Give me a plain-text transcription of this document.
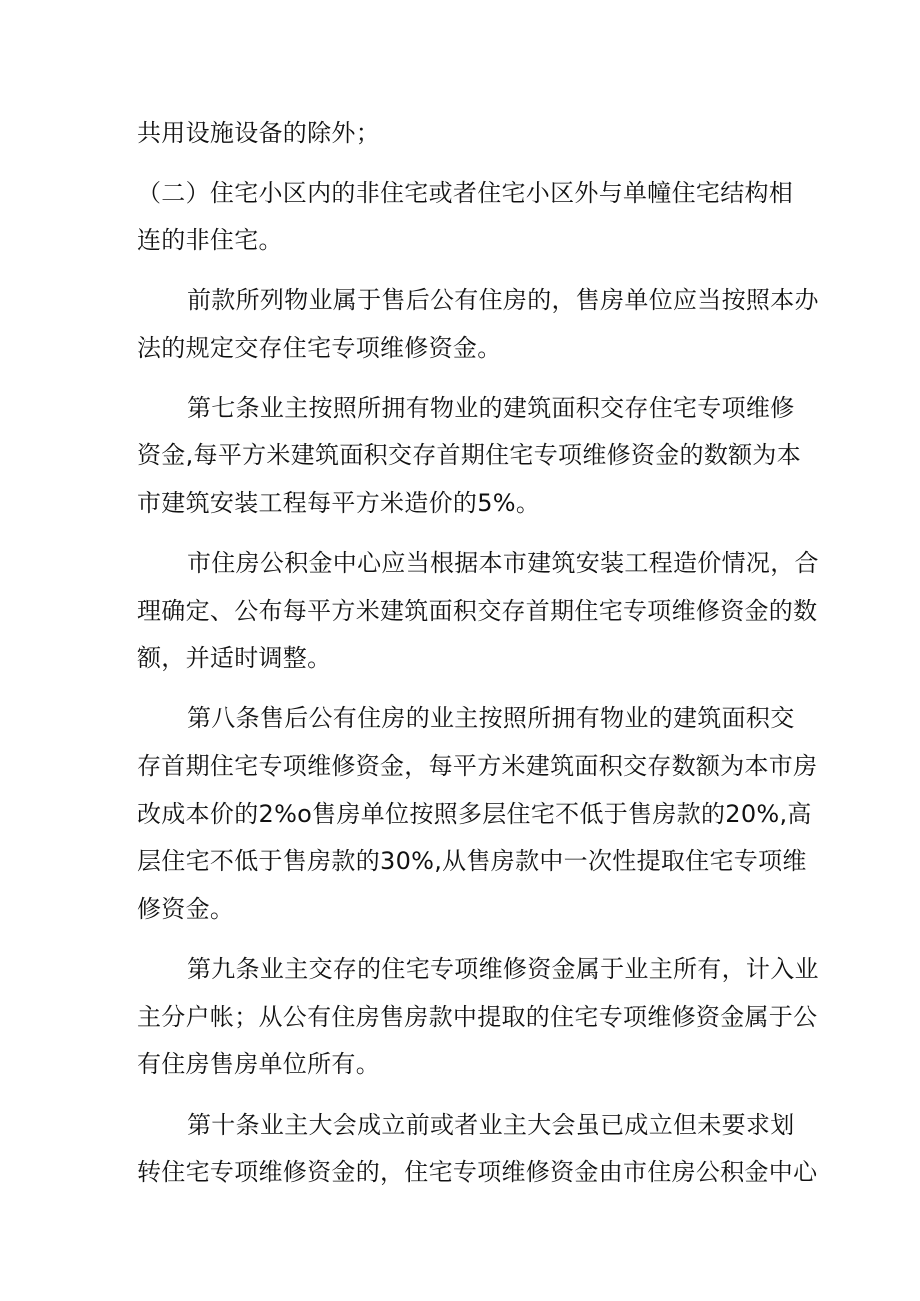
共用设施设备的除外；
（二）住宅小区内的非住宅或者住宅小区外与单幢住宅结构相
连的非住宅。
前款所列物业属于售后公有住房的，售房单位应当按照本办
法的规定交存住宅专项维修资金。
第七条业主按照所拥有物业的建筑面积交存住宅专项维修
资金,每平方米建筑面积交存首期住宅专项维修资金的数额为本
市建筑安装工程每平方米造价的5%。
市住房公积金中心应当根据本市建筑安装工程造价情况，合
理确定、公布每平方米建筑面积交存首期住宅专项维修资金的数
额，并适时调整。
第八条售后公有住房的业主按照所拥有物业的建筑面积交
存首期住宅专项维修资金，每平方米建筑面积交存数额为本市房
改成本价的2%o售房单位按照多层住宅不低于售房款的20%,高
层住宅不低于售房款的30%,从售房款中一次性提取住宅专项维
修资金。
第九条业主交存的住宅专项维修资金属于业主所有，计入业
主分户帐；从公有住房售房款中提取的住宅专项维修资金属于公
有住房售房单位所有。
第十条业主大会成立前或者业主大会虽已成立但未要求划
转住宅专项维修资金的，住宅专项维修资金由市住房公积金中心
